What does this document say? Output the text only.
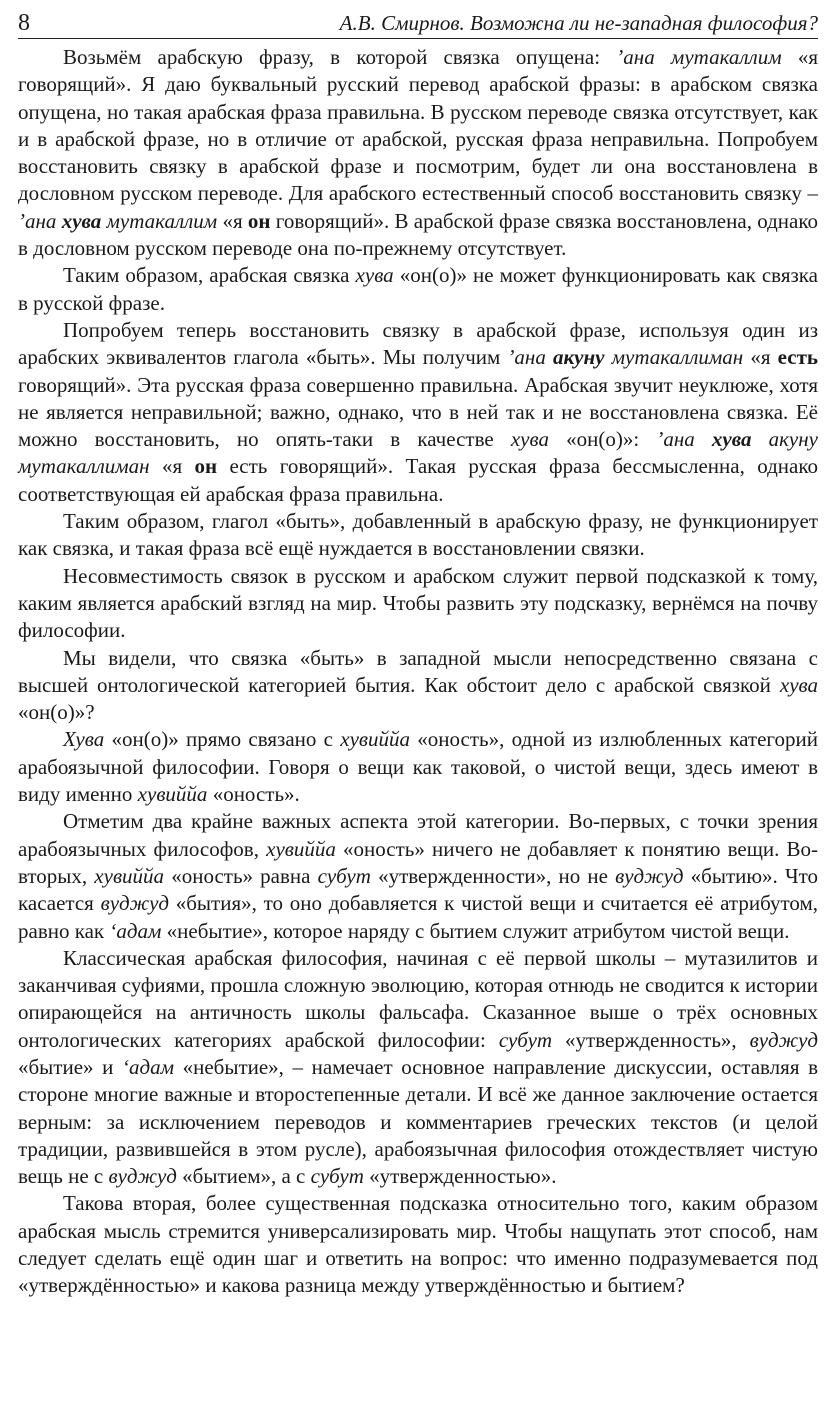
8	А.В. Смирнов. Возможна ли не-западная философия?

Возьмём арабскую фразу, в которой связка опущена: ’ана мутакаллим «я говорящий». Я даю буквальный русский перевод арабской фразы: в арабском связка опущена, но такая арабская фраза правильна. В русском переводе связка отсутствует, как и в арабской фразе, но в отличие от арабской, русская фраза неправильна. Попробуем восстановить связку в арабской фразе и посмотрим, будет ли она восстановлена в дословном русском переводе. Для арабского естественный способ восстановить связку – ’ана хува мутакаллим «я он говорящий». В арабской фразе связка восстановлена, однако в дословном русском переводе она по-прежнему отсутствует.

Таким образом, арабская связка хува «он(о)» не может функционировать как связка в русской фразе.

Попробуем теперь восстановить связку в арабской фразе, используя один из арабских эквивалентов глагола «быть». Мы получим ’ана акуну мутакаллиман «я есть говорящий». Эта русская фраза совершенно правильна. Арабская звучит неуклюже, хотя не является неправильной; важно, однако, что в ней так и не восстановлена связка. Её можно восстановить, но опять-таки в качестве хува «он(о)»: ’ана хува акуну мутакаллиман «я он есть говорящий». Такая русская фраза бессмысленна, однако соответствующая ей арабская фраза правильна.

Таким образом, глагол «быть», добавленный в арабскую фразу, не функционирует как связка, и такая фраза всё ещё нуждается в восстановлении связки.

Несовместимость связок в русском и арабском служит первой подсказкой к тому, каким является арабский взгляд на мир. Чтобы развить эту подсказку, вернёмся на почву философии.

Мы видели, что связка «быть» в западной мысли непосредственно связана с высшей онтологической категорией бытия. Как обстоит дело с арабской связкой хува «он(о)»?

Хува «он(о)» прямо связано с хувиййа «оность», одной из излюбленных категорий арабоязычной философии. Говоря о вещи как таковой, о чистой вещи, здесь имеют в виду именно хувиййа «оность».

Отметим два крайне важных аспекта этой категории. Во-первых, с точки зрения арабоязычных философов, хувиййа «оность» ничего не добавляет к понятию вещи. Во-вторых, хувиййа «оность» равна субут «утвержденности», но не вуджуд «бытию». Что касается вуджуд «бытия», то оно добавляется к чистой вещи и считается её атрибутом, равно как ‘адам «небытие», которое наряду с бытием служит атрибутом чистой вещи.

Классическая арабская философия, начиная с её первой школы – мутазилитов и заканчивая суфиями, прошла сложную эволюцию, которая отнюдь не сводится к истории опирающейся на античность школы фальсафа. Сказанное выше о трёх основных онтологических категориях арабской философии: субут «утвержденность», вуджуд «бытие» и ‘адам «небытие», – намечает основное направление дискуссии, оставляя в стороне многие важные и второстепенные детали. И всё же данное заключение остается верным: за исключением переводов и комментариев греческих текстов (и целой традиции, развившейся в этом русле), арабоязычная философия отождествляет чистую вещь не с вуджуд «бытием», а с субут «утвержденностью».

Такова вторая, более существенная подсказка относительно того, каким образом арабская мысль стремится универсализировать мир. Чтобы нащупать этот способ, нам следует сделать ещё один шаг и ответить на вопрос: что именно подразумевается под «утверждённостью» и какова разница между утверждённостью и бытием?
